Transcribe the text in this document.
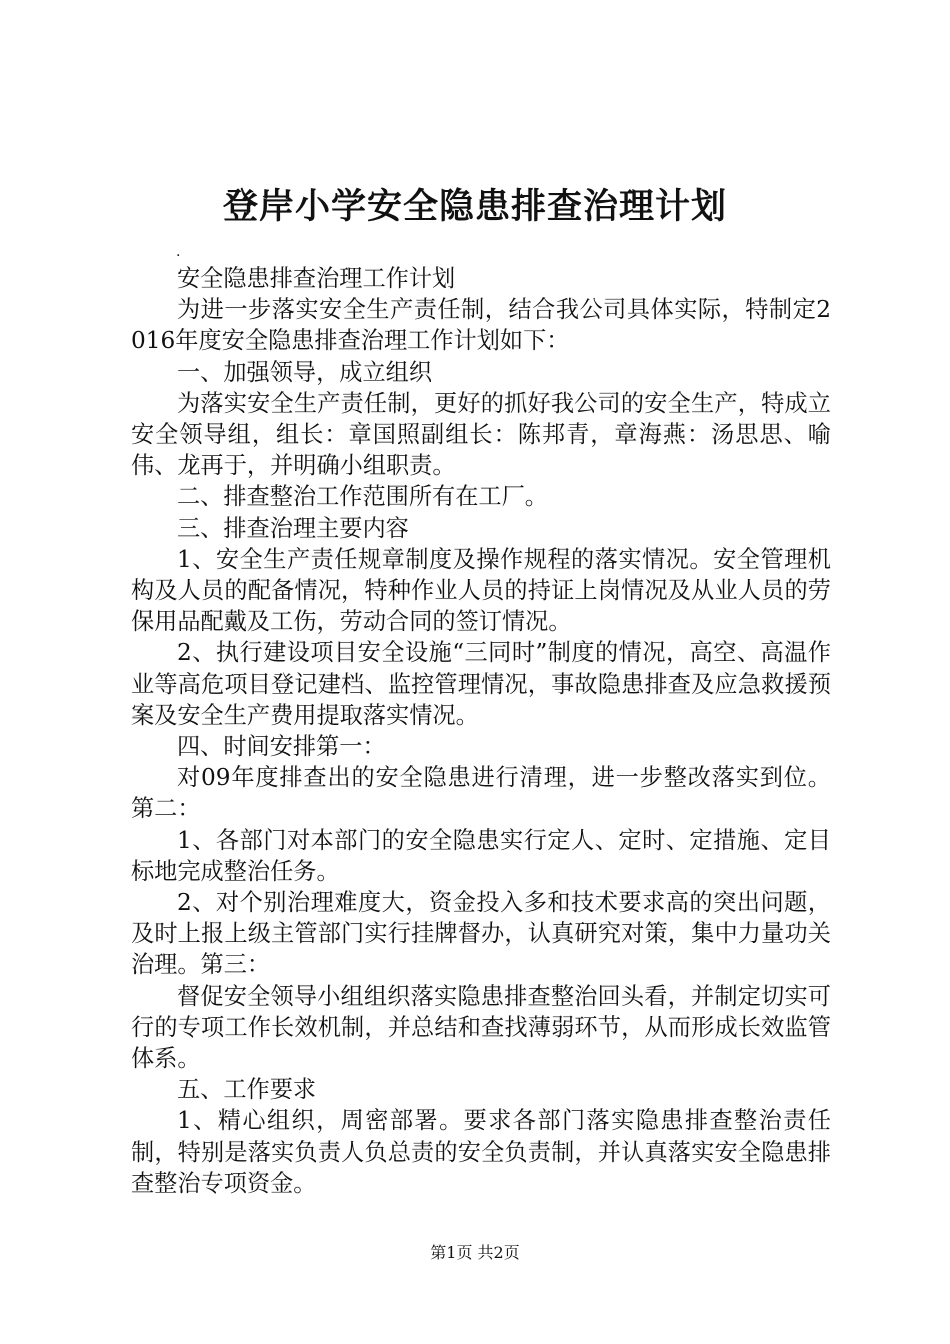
登岸小学安全隐患排查治理计划
.

安全隐患排查治理工作计划

为进一步落实安全生产责任制，结合我公司具体实际，特制定2016年度安全隐患排查治理工作计划如下：

一、加强领导，成立组织

为落实安全生产责任制，更好的抓好我公司的安全生产，特成立安全领导组，组长：章国照副组长：陈邦青，章海燕：汤思思、喻伟、龙再于，并明确小组职责。

二、排查整治工作范围所有在工厂。

三、排查治理主要内容

1、安全生产责任规章制度及操作规程的落实情况。安全管理机构及人员的配备情况，特种作业人员的持证上岗情况及从业人员的劳保用品配戴及工伤，劳动合同的签订情况。

2、执行建设项目安全设施“三同时”制度的情况，高空、高温作业等高危项目登记建档、监控管理情况，事故隐患排查及应急救援预案及安全生产费用提取落实情况。

四、时间安排第一：

对09年度排查出的安全隐患进行清理，进一步整改落实到位。第二：

1、各部门对本部门的安全隐患实行定人、定时、定措施、定目标地完成整治任务。

2、对个别治理难度大，资金投入多和技术要求高的突出问题，及时上报上级主管部门实行挂牌督办，认真研究对策，集中力量功关治理。第三：

督促安全领导小组组织落实隐患排查整治回头看，并制定切实可行的专项工作长效机制，并总结和查找薄弱环节，从而形成长效监管体系。

五、工作要求

1、精心组织，周密部署。要求各部门落实隐患排查整治责任制，特别是落实负责人负总责的安全负责制，并认真落实安全隐患排查整治专项资金。

第1页 共2页
